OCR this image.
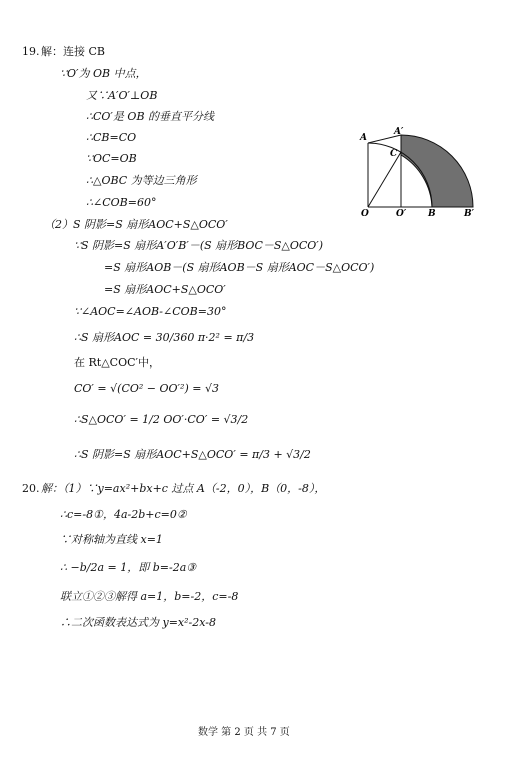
19. 解：连接 CB
∵O′为 OB 中点，
又∵A′O′⊥OB
∴CO′是 OB 的垂直平分线
∴CB=CO
∵OC=OB
∴△OBC 为等边三角形
∴∠COB=60°
（2）S 阴影=S 扇形AOC+S△OCO′
∵S 阴影=S 扇形A′O′B′－(S 扇形BOC－S△OCO′)
=S 扇形AOB－(S 扇形AOB－S 扇形AOC－S△OCO′)
=S 扇形AOC+S△OCO′
∵∠AOC=∠AOB-∠COB=30°
∴S 扇形AOC = 30/360 π·2² = π/3
在 Rt△COC′中，
CO′ = √(CO² − OO′²) = √3
∴S△OCO′ = 1/2 OO′·CO′ = √3/2
∴S 阴影=S 扇形AOC+S△OCO′ = π/3 + √3/2
A
A′
C
O	O′ B	B′
20. 解：（1）∵y=ax²+bx+c 过点 A（-2，0），B（0，-8），
∴c=-8①，4a-2b+c=0②
∵对称轴为直线 x=1
∴ −b/2a = 1，即 b=-2a③
联立①②③解得 a=1，b=-2，c=-8
∴二次函数表达式为 y=x²-2x-8
数学 第 2 页 共 7 页
